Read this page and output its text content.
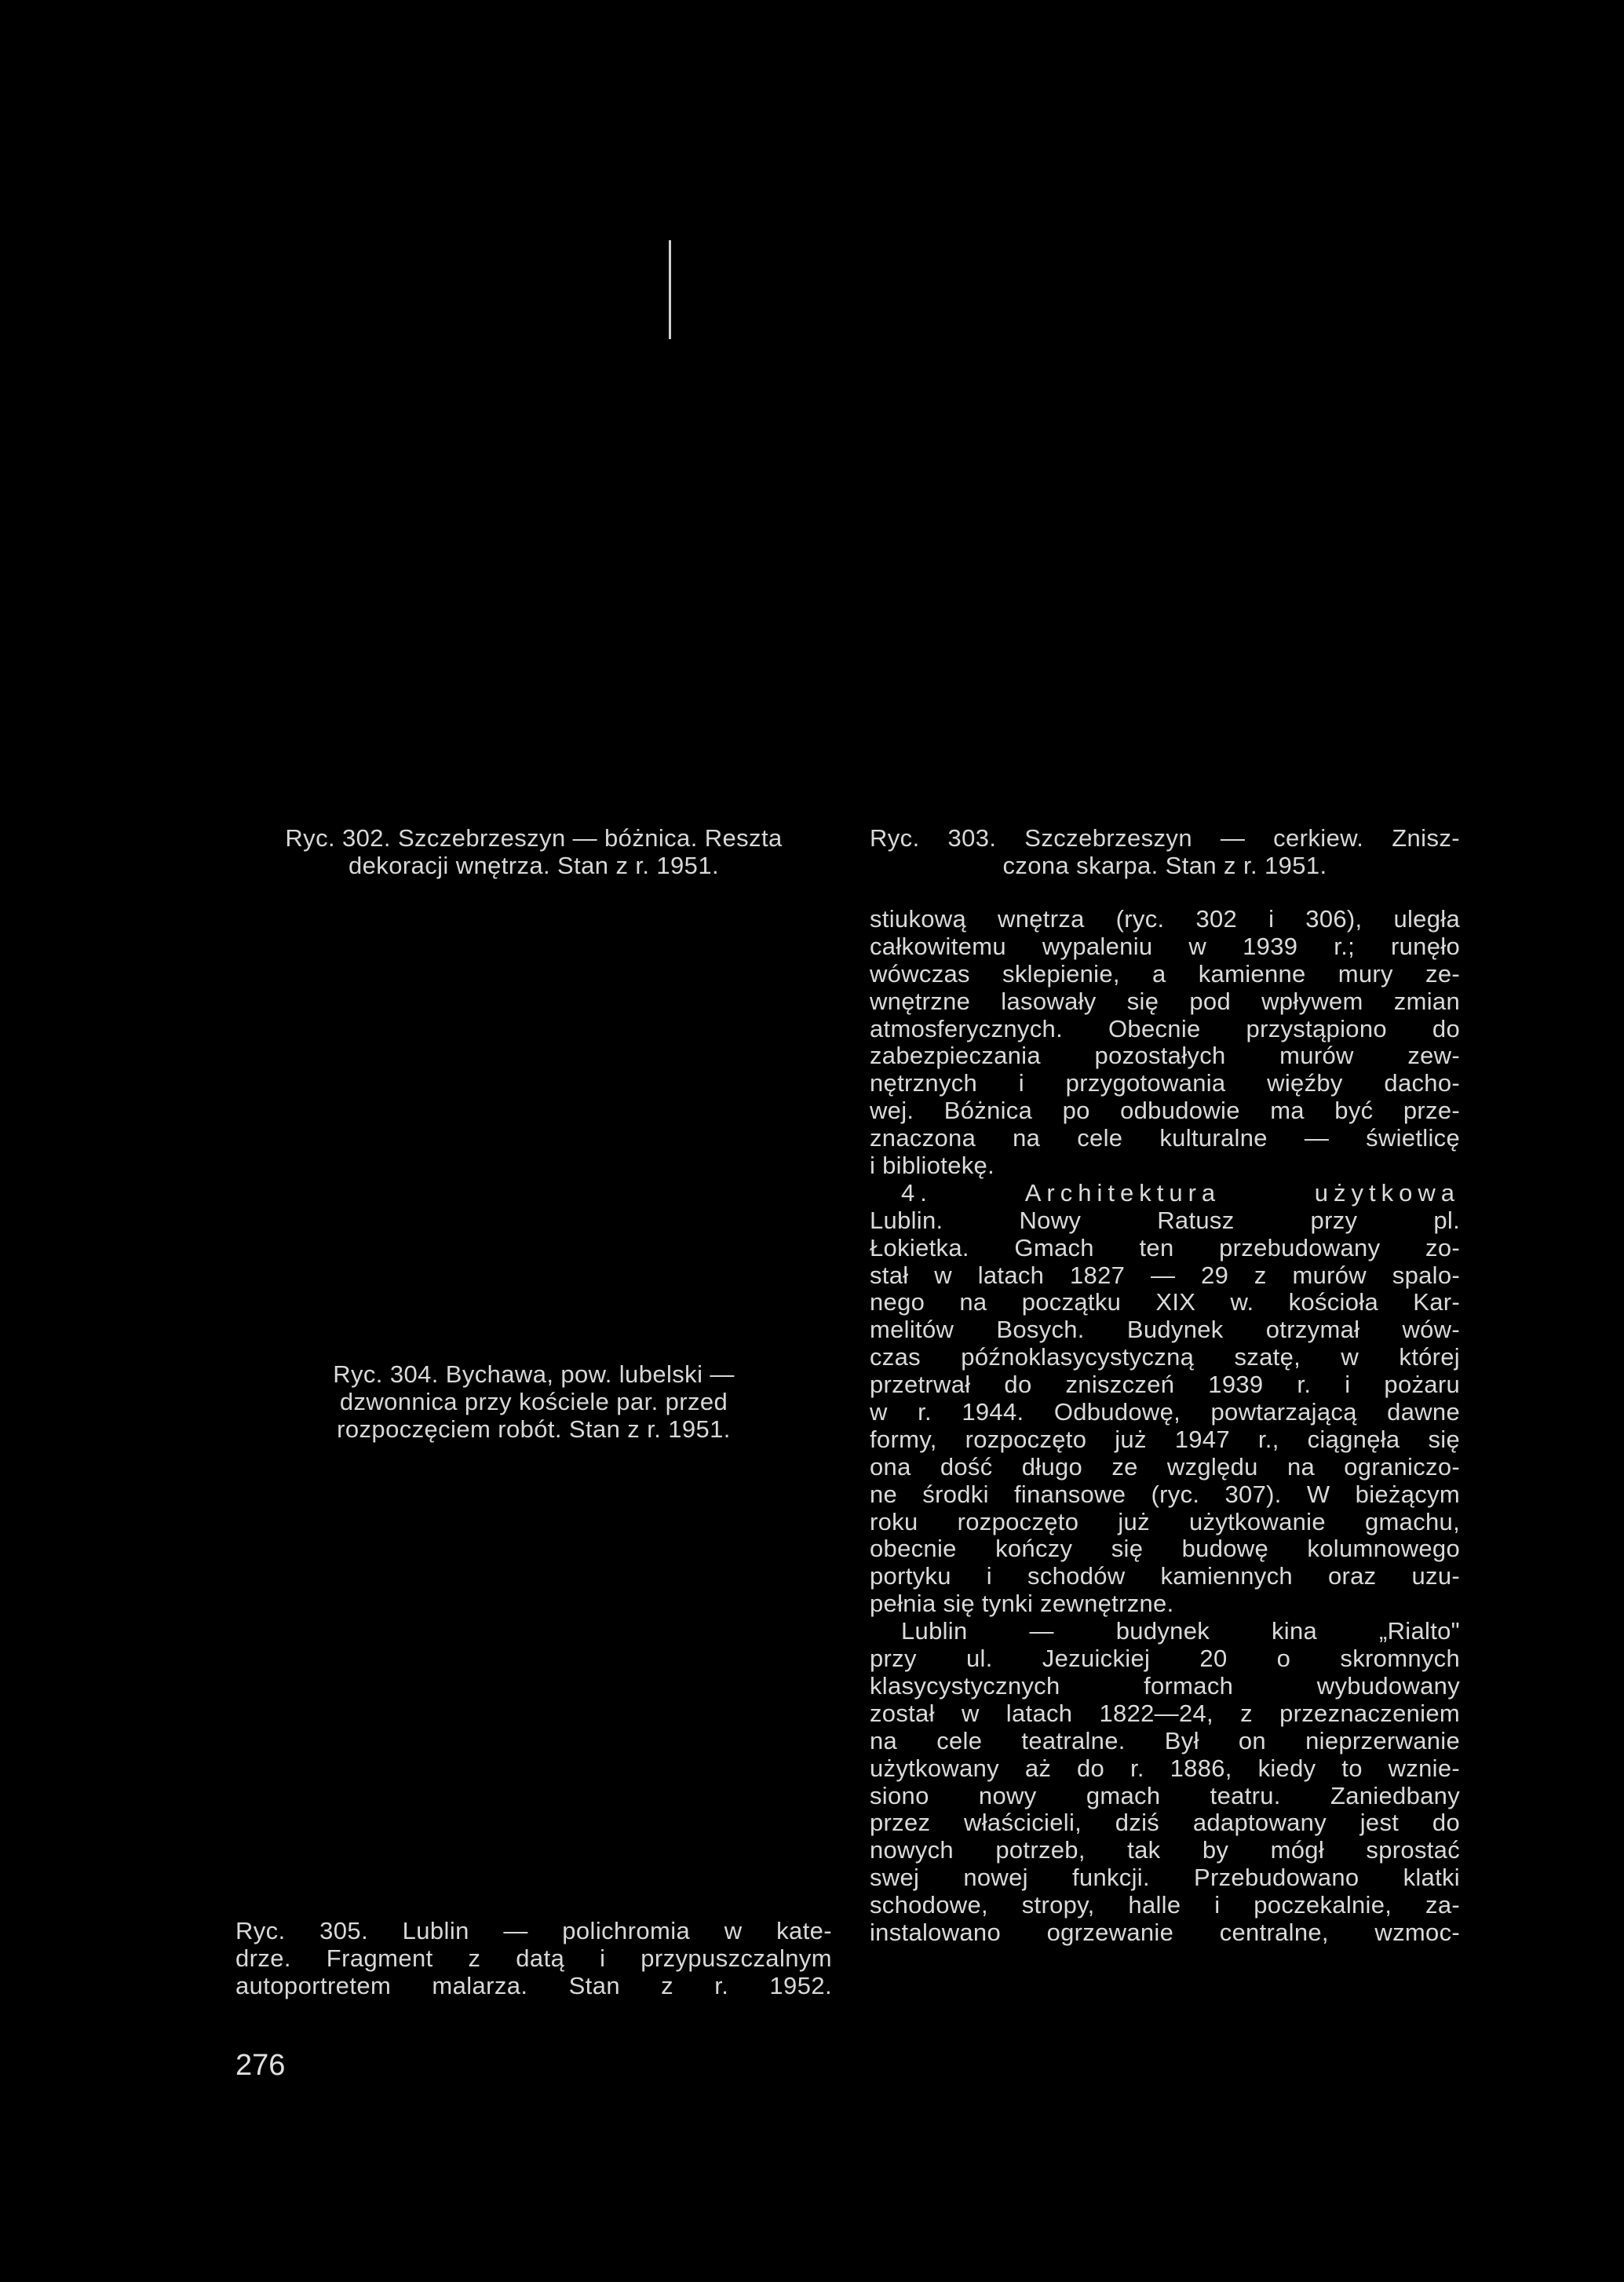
Ryc. 302. Szczebrzeszyn — bóżnica. Reszta
dekoracji wnętrza. Stan z r. 1951.
Ryc. 303. Szczebrzeszyn — cerkiew. Znisz-
czona skarpa. Stan z r. 1951.
Ryc. 304. Bychawa, pow. lubelski —
dzwonnica przy kościele par. przed
rozpoczęciem robót. Stan z r. 1951.
Ryc. 305. Lublin — polichromia w kate-
drze. Fragment z datą i przypuszczalnym
autoportretem malarza. Stan z r. 1952.
stiukową wnętrza (ryc. 302 i 306), uległa
całkowitemu wypaleniu w 1939 r.; runęło
wówczas sklepienie, a kamienne mury ze-
wnętrzne lasowały się pod wpływem zmian
atmosferycznych. Obecnie przystąpiono do
zabezpieczania pozostałych murów zew-
nętrznych i przygotowania więźby dacho-
wej. Bóżnica po odbudowie ma być prze-
znaczona na cele kulturalne — świetlicę
i bibliotekę.
4. Architektura użytkowa
Lublin. Nowy Ratusz przy pl.
Łokietka. Gmach ten przebudowany zo-
stał w latach 1827 — 29 z murów spalo-
nego na początku XIX w. kościoła Kar-
melitów Bosych. Budynek otrzymał wów-
czas późnoklasycystyczną szatę, w której
przetrwał do zniszczeń 1939 r. i pożaru
w r. 1944. Odbudowę, powtarzającą dawne
formy, rozpoczęto już 1947 r., ciągnęła się
ona dość długo ze względu na ograniczo-
ne środki finansowe (ryc. 307). W bieżącym
roku rozpoczęto już użytkowanie gmachu,
obecnie kończy się budowę kolumnowego
portyku i schodów kamiennych oraz uzu-
pełnia się tynki zewnętrzne.
Lublin — budynek kina „Rialto"
przy ul. Jezuickiej 20 o skromnych
klasycystycznych formach wybudowany
został w latach 1822—24, z przeznaczeniem
na cele teatralne. Był on nieprzerwanie
użytkowany aż do r. 1886, kiedy to wznie-
siono nowy gmach teatru. Zaniedbany
przez właścicieli, dziś adaptowany jest do
nowych potrzeb, tak by mógł sprostać
swej nowej funkcji. Przebudowano klatki
schodowe, stropy, halle i poczekalnie, za-
instalowano ogrzewanie centralne, wzmoc-
276
